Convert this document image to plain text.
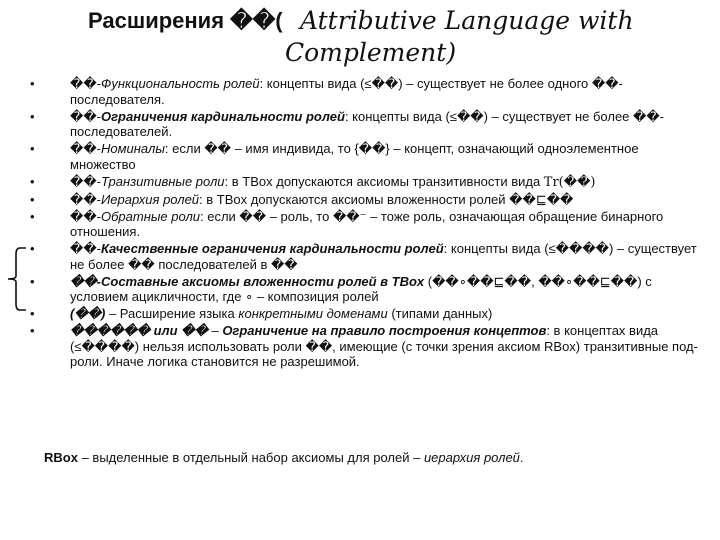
Расширения ��( Attributive Language with
Complement)
•	��-Функциональность ролей: концепты вида (≤��) – существует не более одного ��-последователя.
•	��-Ограничения кардинальности ролей: концепты вида (≤��) – существует не более ��-последователей.
•	��-Номиналы: если �� – имя индивида, то {��} – концепт, означающий одноэлементное множество
•	��-Транзитивные роли: в TBox допускаются аксиомы транзитивности вида Tr(��)
•	��-Иерархия ролей: в TBox допускаются аксиомы вложенности ролей ��⊑��
•	��-Обратные роли: если �� – роль, то ��⁻ – тоже роль, означающая обращение бинарного отношения.
•	��-Качественные ограничения кардинальности ролей: концепты вида (≤����) – существует не более �� последователей в ��
•	��-Составные аксиомы вложенности ролей в TBox (��∘��⊑��, ��∘��⊑��) с условием ацикличности, где ∘ – композиция ролей
•	(��) – Расширение языка конкретными доменами (типами данных)
•	������ или �� – Ограничение на правило построения концептов: в концептах вида (≤����) нельзя использовать роли ��, имеющие (с точки зрения аксиом RBox) транзитивные под-роли. Иначе логика становится не разрешимой.
RBox – выделенные в отдельный набор аксиомы для ролей – иерархия ролей.
